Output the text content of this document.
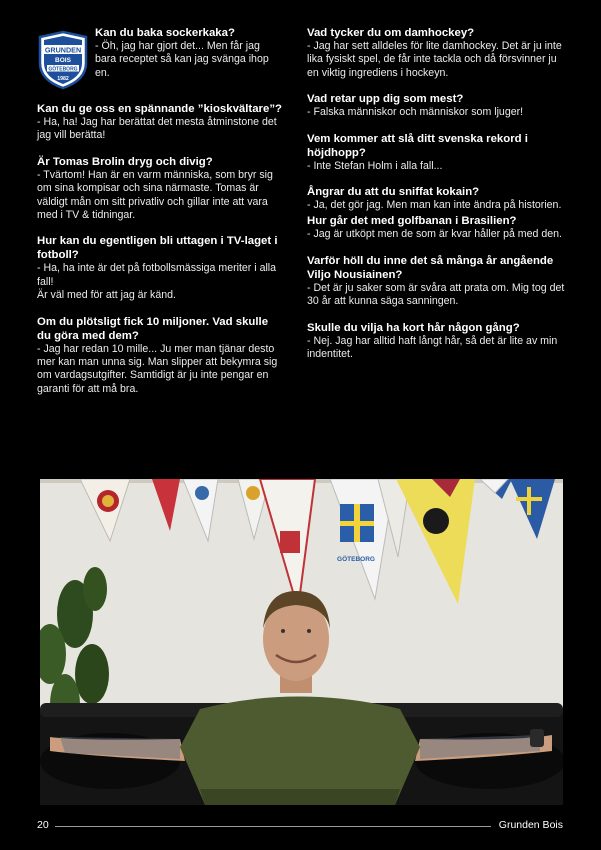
GRUNDEN
BOIS
GÖTEBORG
1982
Kan du baka sockerkaka?
- Öh, jag har gjort det... Men får jag bara receptet så kan jag svänga ihop en.
Kan du ge oss en spännande ”kioskvältare”?
- Ha, ha! Jag har berättat det mesta åtminstone det jag vill berätta!
Är Tomas Brolin dryg och divig?
- Tvärtom! Han är en varm människa, som bryr sig om sina kompisar och sina närmaste. Tomas är väldigt mån om sitt privatliv och gillar inte att vara med i TV & tidningar.
Hur kan du egentligen bli uttagen i TV-laget i fotboll?
- Ha, ha inte är det på fotbollsmässiga meriter i alla fall!
Är väl med för att jag är känd.
Om du plötsligt fick 10 miljoner. Vad skulle du göra med dem?
- Jag har redan 10 mille... Ju mer man tjänar desto mer kan man unna sig. Man slipper att bekymra sig om vardagsutgifter. Samtidigt är ju inte pengar en garanti för att må bra.
Vad tycker du om damhockey?
- Jag har sett alldeles för lite damhockey. Det är ju inte lika fysiskt spel, de får inte tackla och då försvinner ju en viktig ingrediens i hockeyn.
Vad retar upp dig som mest?
- Falska människor och människor som ljuger!
Vem kommer att slå ditt svenska rekord i höjdhopp?
- Inte Stefan Holm i alla fall...
Ångrar du att du sniffat kokain?
- Ja, det gör jag. Men man kan inte ändra på historien.
Hur går det med golfbanan i Brasilien?
- Jag är utköpt men de som är kvar håller på med den.
Varför höll du inne det så många år angående Viljo Nousiainen?
- Det är ju saker som är svåra att prata om. Mig tog det 30 år att kunna säga sanningen.
Skulle du vilja ha kort hår någon gång?
- Nej. Jag har alltid haft långt hår, så det är lite av min indentitet.
GÖTEBORG
20	Grunden Bois
